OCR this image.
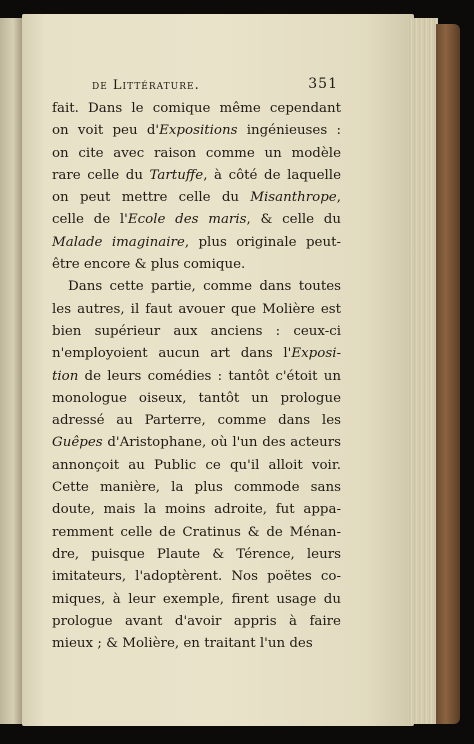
de Littérature.	351
fait. Dans le comique même cependant
on voit peu d'Expositions ingénieuses :
on cite avec raison comme un modèle
rare celle du Tartuffe, à côté de laquelle
on peut mettre celle du Misanthrope,
celle de l'Ecole des maris, & celle du
Malade imaginaire, plus originale peut-
être encore & plus comique.
Dans cette partie, comme dans toutes
les autres, il faut avouer que Molière est
bien supérieur aux anciens : ceux-ci
n'employoient aucun art dans l'Exposi-
tion de leurs comédies : tantôt c'étoit un
monologue oiseux, tantôt un prologue
adressé au Parterre, comme dans les
Guêpes d'Aristophane, où l'un des acteurs
annonçoit au Public ce qu'il alloit voir.
Cette manière, la plus commode sans
doute, mais la moins adroite, fut appa-
remment celle de Cratinus & de Ménan-
dre, puisque Plaute & Térence, leurs
imitateurs, l'adoptèrent. Nos poëtes co-
miques, à leur exemple, firent usage du
prologue avant d'avoir appris à faire
mieux ; & Molière, en traitant l'un des
